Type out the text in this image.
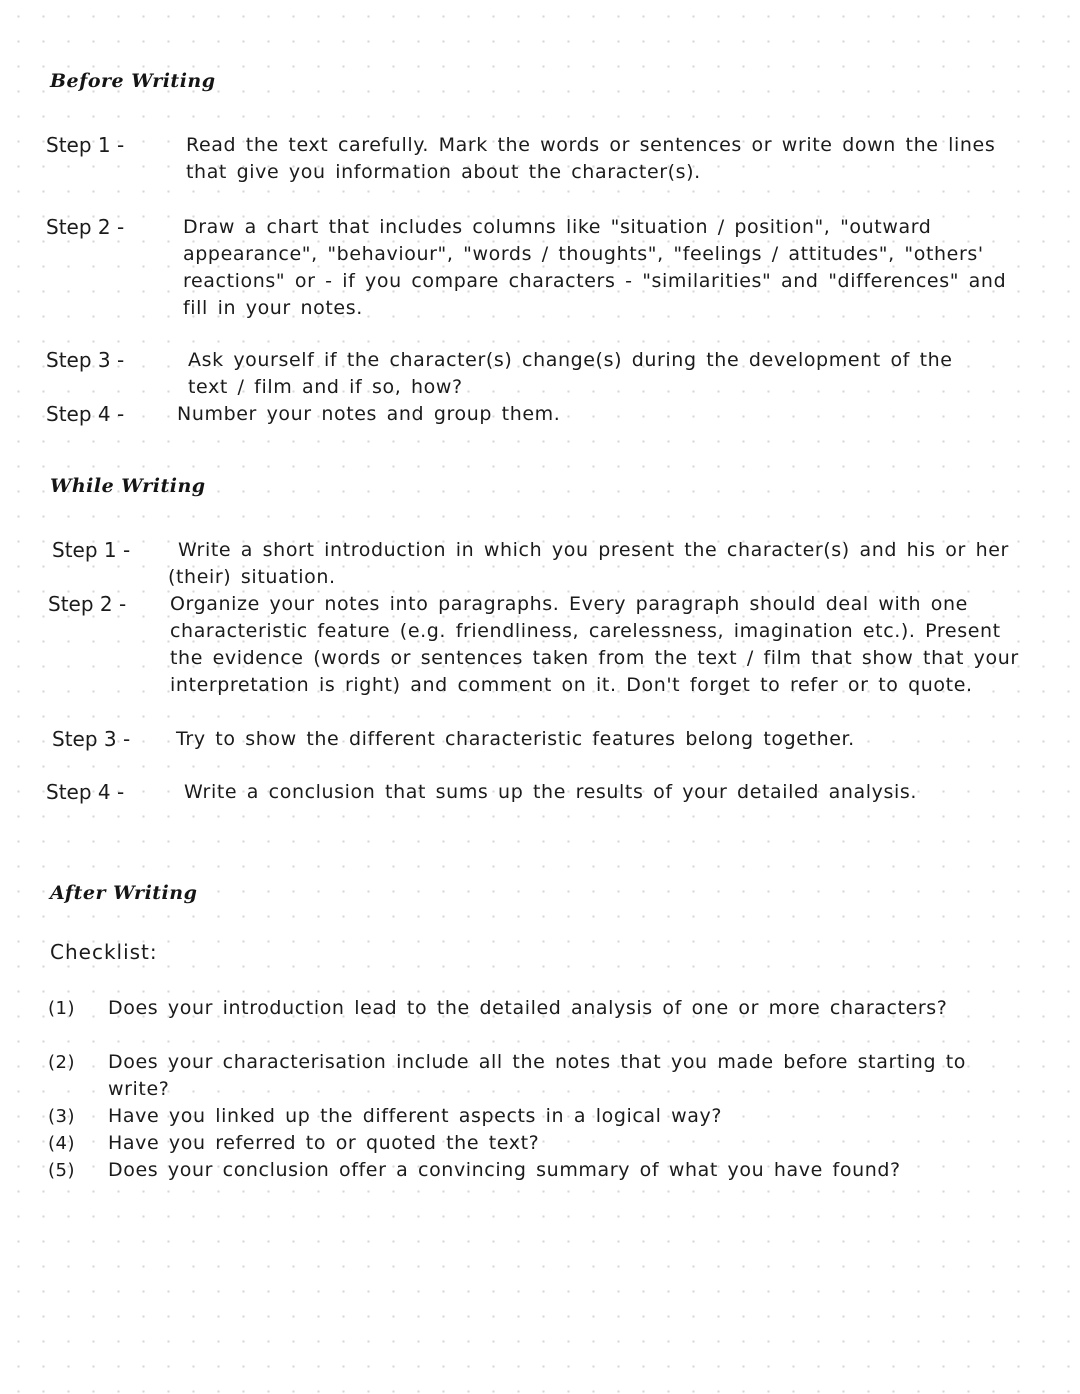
Before Writing
Step 1 -	Read the text carefully. Mark the words or sentences or write down the lines that give you information about the character(s).
Step 2 -	Draw a chart that includes columns like "situation / position", "outward appearance", "behaviour", "words / thoughts", "feelings / attitudes", "others' reactions" or - if you compare characters - "similarities" and "differences" and fill in your notes.
Step 3 -	Ask yourself if the character(s) change(s) during the development of the text / film and if so, how?
Step 4 -	Number your notes and group them.
While Writing
Step 1 -	Write a short introduction in which you present the character(s) and his or her (their) situation.
Step 2 - Organize your notes into paragraphs. Every paragraph should deal with one characteristic feature (e.g. friendliness, carelessness, imagination etc.). Present the evidence (words or sentences taken from the text / film that show that your interpretation is right) and comment on it. Don't forget to refer or to quote.
Step 3 - Try to show the different characteristic features belong together.
Step 4 -	Write a conclusion that sums up the results of your detailed analysis.
After Writing
Checklist:
(1) Does your introduction lead to the detailed analysis of one or more characters?
(2) Does your characterisation include all the notes that you made before starting to write?
(3) Have you linked up the different aspects in a logical way?
(4) Have you referred to or quoted the text?
(5) Does your conclusion offer a convincing summary of what you have found?
